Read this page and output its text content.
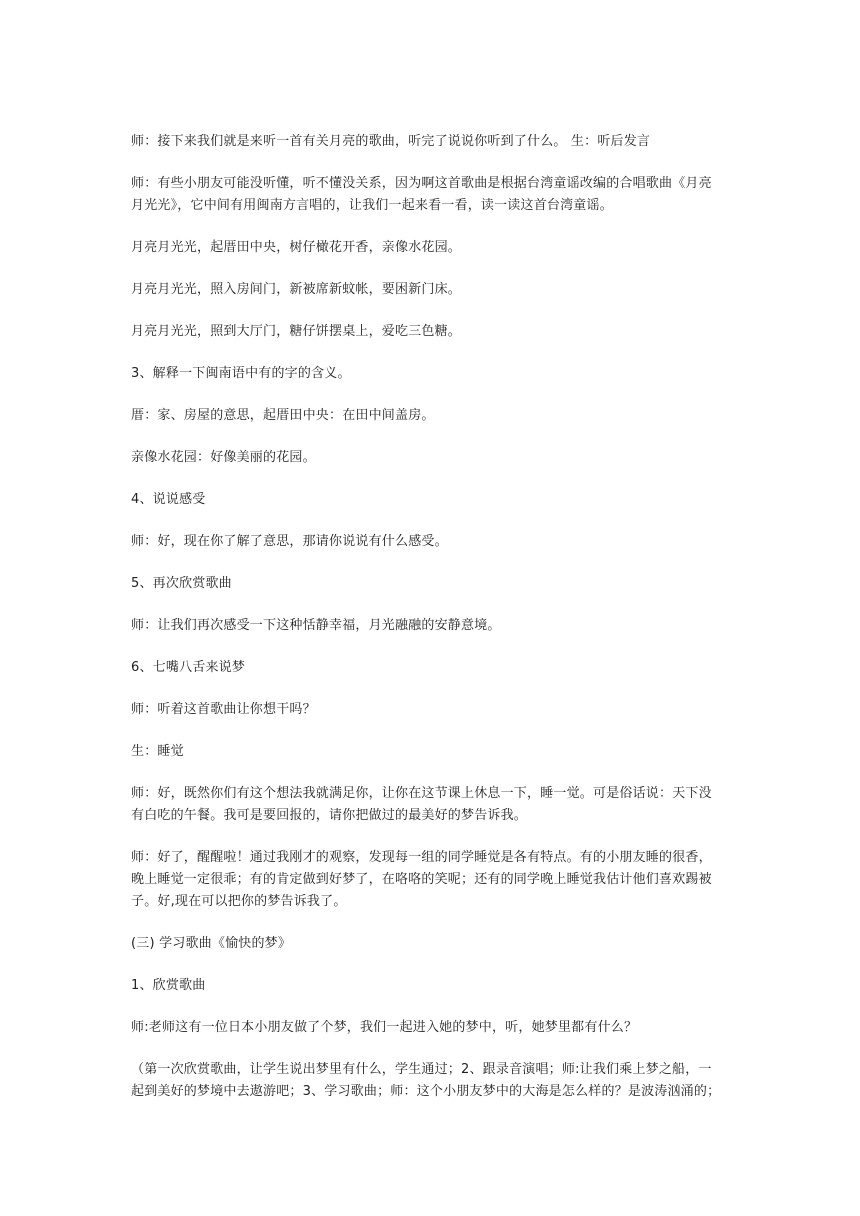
师：接下来我们就是来听一首有关月亮的歌曲，听完了说说你听到了什么。 生：听后发言
师：有些小朋友可能没听懂，听不懂没关系，因为啊这首歌曲是根据台湾童谣改编的合唱歌曲《月亮
月光光》，它中间有用闽南方言唱的，让我们一起来看一看，读一读这首台湾童谣。
月亮月光光，起厝田中央，树仔橄花开香，亲像水花园。
月亮月光光，照入房间门，新被席新蚊帐，要困新门床。
月亮月光光，照到大厅门，糖仔饼摆桌上，爱吃三色糖。
3、解释一下闽南语中有的字的含义。
厝：家、房屋的意思，起厝田中央：在田中间盖房。
亲像水花园：好像美丽的花园。
4、说说感受
师：好，现在你了解了意思，那请你说说有什么感受。
5、再次欣赏歌曲
师：让我们再次感受一下这种恬静幸福，月光融融的安静意境。
6、七嘴八舌来说梦
师：听着这首歌曲让你想干吗？
生：睡觉
师：好，既然你们有这个想法我就满足你，让你在这节课上休息一下，睡一觉。可是俗话说：天下没
有白吃的午餐。我可是要回报的，请你把做过的最美好的梦告诉我。
师：好了，醒醒啦！通过我刚才的观察，发现每一组的同学睡觉是各有特点。有的小朋友睡的很香，
晚上睡觉一定很乖；有的肯定做到好梦了，在咯咯的笑呢；还有的同学晚上睡觉我估计他们喜欢踢被
子。好,现在可以把你的梦告诉我了。
(三) 学习歌曲《愉快的梦》
1、欣赏歌曲
师:老师这有一位日本小朋友做了个梦，我们一起进入她的梦中，听，她梦里都有什么？
（第一次欣赏歌曲，让学生说出梦里有什么，学生通过；2、跟录音演唱；师:让我们乘上梦之船，一
起到美好的梦境中去遨游吧；3、学习歌曲；师：这个小朋友梦中的大海是怎么样的？是波涛汹涌的；
